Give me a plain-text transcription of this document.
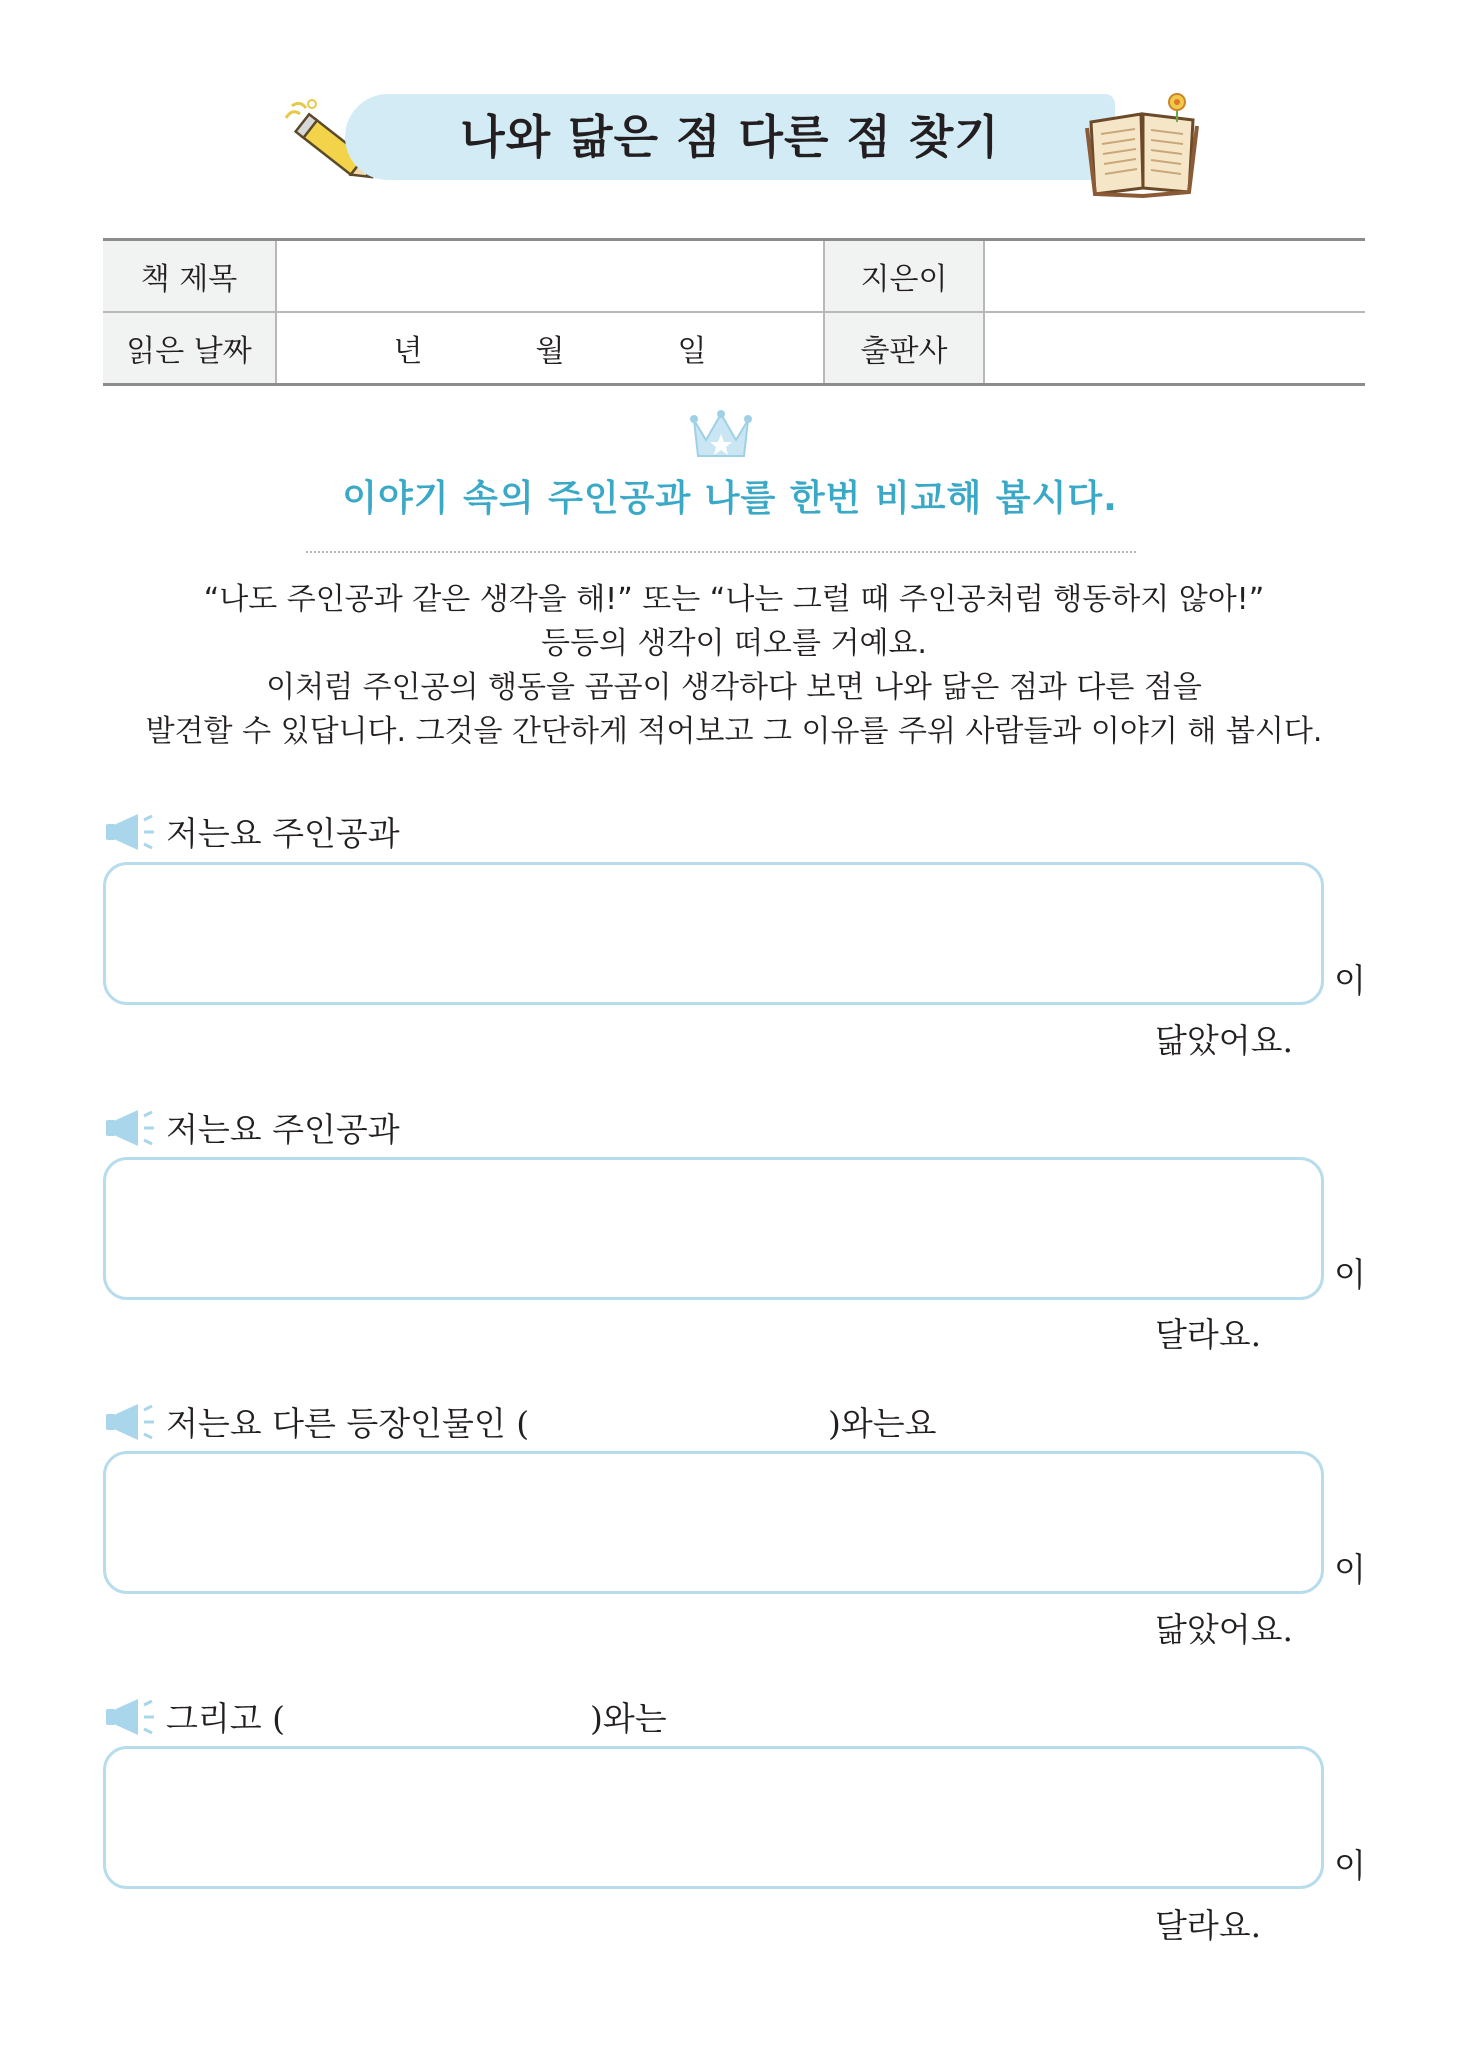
나와 닮은 점 다른 점 찾기
책 제목		지은이	
읽은 날짜	년 월 일	출판사	
이야기 속의 주인공과 나를 한번 비교해 봅시다.
“나도 주인공과 같은 생각을 해!” 또는 “나는 그럴 때 주인공처럼 행동하지 않아!”
등등의 생각이 떠오를 거예요.
이처럼 주인공의 행동을 곰곰이 생각하다 보면 나와 닮은 점과 다른 점을
발견할 수 있답니다. 그것을 간단하게 적어보고 그 이유를 주위 사람들과 이야기 해 봅시다.
저는요 주인공과
이
닮았어요.
저는요 주인공과
이
달라요.
저는요 다른 등장인물인 (	)와는요
이
닮았어요.
그리고 (	)와는
이
달라요.
